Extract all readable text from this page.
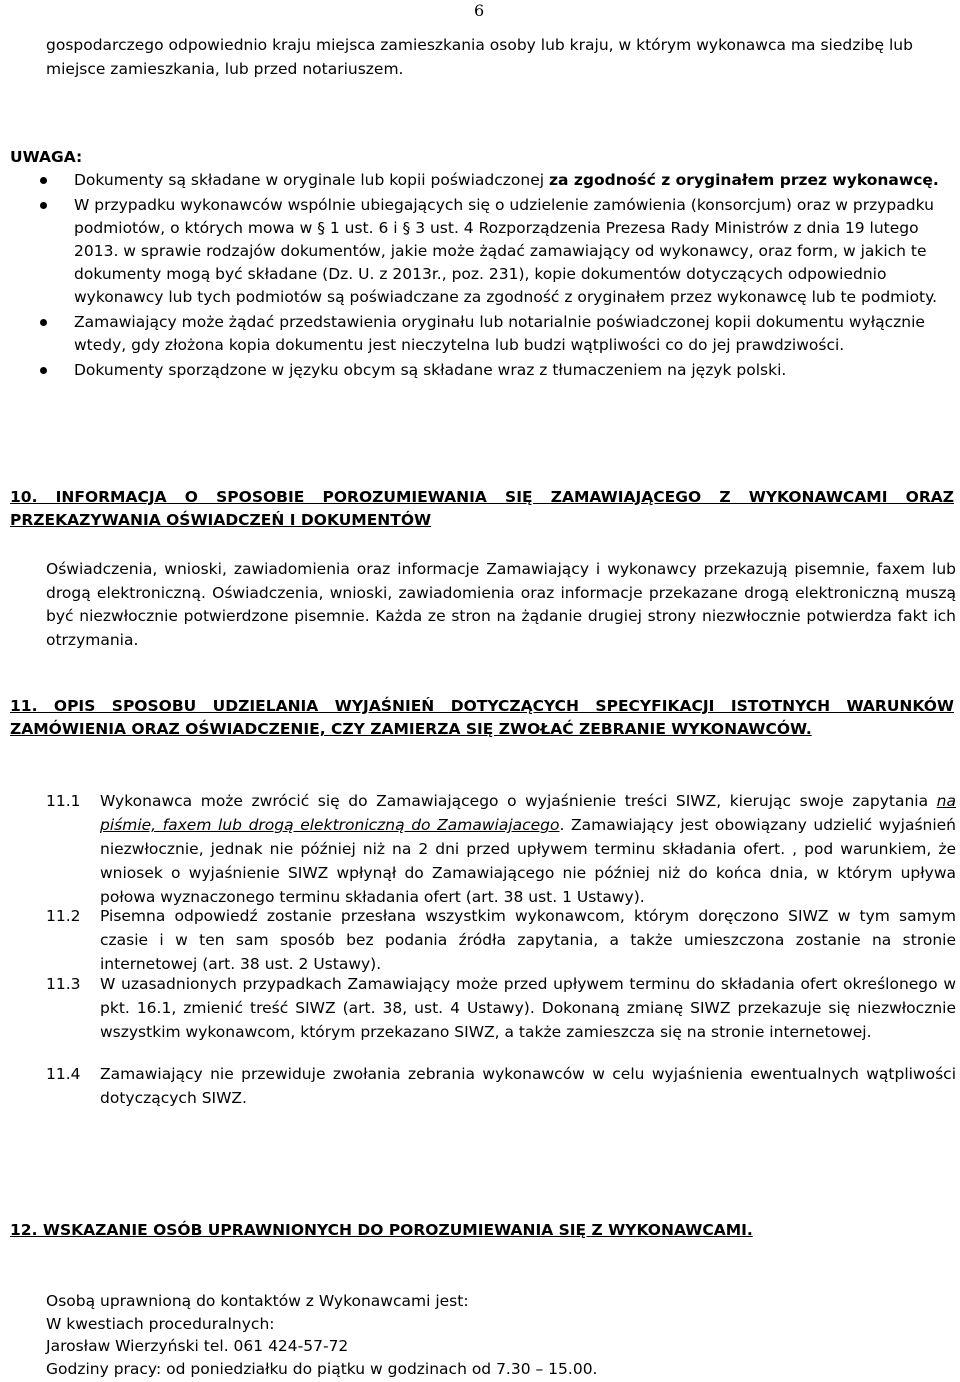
6
gospodarczego odpowiednio kraju miejsca zamieszkania osoby lub kraju, w którym wykonawca ma siedzibę lub miejsce zamieszkania, lub przed notariuszem.
UWAGA:
Dokumenty są składane w oryginale lub kopii poświadczonej za zgodność z oryginałem przez wykonawcę.
W przypadku wykonawców wspólnie ubiegających się o udzielenie zamówienia (konsorcjum) oraz w przypadku podmiotów, o których mowa w § 1 ust. 6 i § 3 ust. 4 Rozporządzenia Prezesa Rady Ministrów z dnia 19 lutego 2013. w sprawie rodzajów dokumentów, jakie może żądać zamawiający od wykonawcy, oraz form, w jakich te dokumenty mogą być składane (Dz. U. z 2013r., poz. 231), kopie dokumentów dotyczących odpowiednio wykonawcy lub tych podmiotów są poświadczane za zgodność z oryginałem przez wykonawcę lub te podmioty.
Zamawiający może żądać przedstawienia oryginału lub notarialnie poświadczonej kopii dokumentu wyłącznie wtedy, gdy złożona kopia dokumentu jest nieczytelna lub budzi wątpliwości co do jej prawdziwości.
Dokumenty sporządzone w języku obcym są składane wraz z tłumaczeniem na język polski.
10. INFORMACJA O SPOSOBIE POROZUMIEWANIA SIĘ ZAMAWIAJĄCEGO Z WYKONAWCAMI ORAZ PRZEKAZYWANIA OŚWIADCZEŃ I DOKUMENTÓW
Oświadczenia, wnioski, zawiadomienia oraz informacje Zamawiający i wykonawcy przekazują pisemnie, faxem lub drogą elektroniczną. Oświadczenia, wnioski, zawiadomienia oraz informacje przekazane drogą elektroniczną muszą być niezwłocznie potwierdzone pisemnie. Każda ze stron na żądanie drugiej strony niezwłocznie potwierdza fakt ich otrzymania.
11. OPIS SPOSOBU UDZIELANIA WYJAŚNIEŃ DOTYCZĄCYCH SPECYFIKACJI ISTOTNYCH WARUNKÓW ZAMÓWIENIA ORAZ OŚWIADCZENIE, CZY ZAMIERZA SIĘ ZWOŁAĆ ZEBRANIE WYKONAWCÓW.
11.1	Wykonawca może zwrócić się do Zamawiającego o wyjaśnienie treści SIWZ, kierując swoje zapytania na piśmie, faxem lub drogą elektroniczną do Zamawiajacego. Zamawiający jest obowiązany udzielić wyjaśnień niezwłocznie, jednak nie później niż na 2 dni przed upływem terminu składania ofert. , pod warunkiem, że wniosek o wyjaśnienie SIWZ wpłynął do Zamawiającego nie później niż do końca dnia, w którym upływa połowa wyznaczonego terminu składania ofert (art. 38 ust. 1 Ustawy).
11.2	Pisemna odpowiedź zostanie przesłana wszystkim wykonawcom, którym doręczono SIWZ w tym samym czasie i w ten sam sposób bez podania źródła zapytania, a także umieszczona zostanie na stronie internetowej (art. 38 ust. 2 Ustawy).
11.3	W uzasadnionych przypadkach Zamawiający może przed upływem terminu do składania ofert określonego w pkt. 16.1, zmienić treść SIWZ (art. 38, ust. 4 Ustawy). Dokonaną zmianę SIWZ przekazuje się niezwłocznie wszystkim wykonawcom, którym przekazano SIWZ, a także zamieszcza się na stronie internetowej.
11.4	Zamawiający nie przewiduje zwołania zebrania wykonawców w celu wyjaśnienia ewentualnych wątpliwości dotyczących SIWZ.
12. WSKAZANIE OSÓB UPRAWNIONYCH DO POROZUMIEWANIA SIĘ Z WYKONAWCAMI.
Osobą uprawnioną do kontaktów z Wykonawcami jest:
W kwestiach proceduralnych:
Jarosław Wierzyński tel. 061 424-57-72
Godziny pracy: od poniedziałku do piątku w godzinach od 7.30 – 15.00.
